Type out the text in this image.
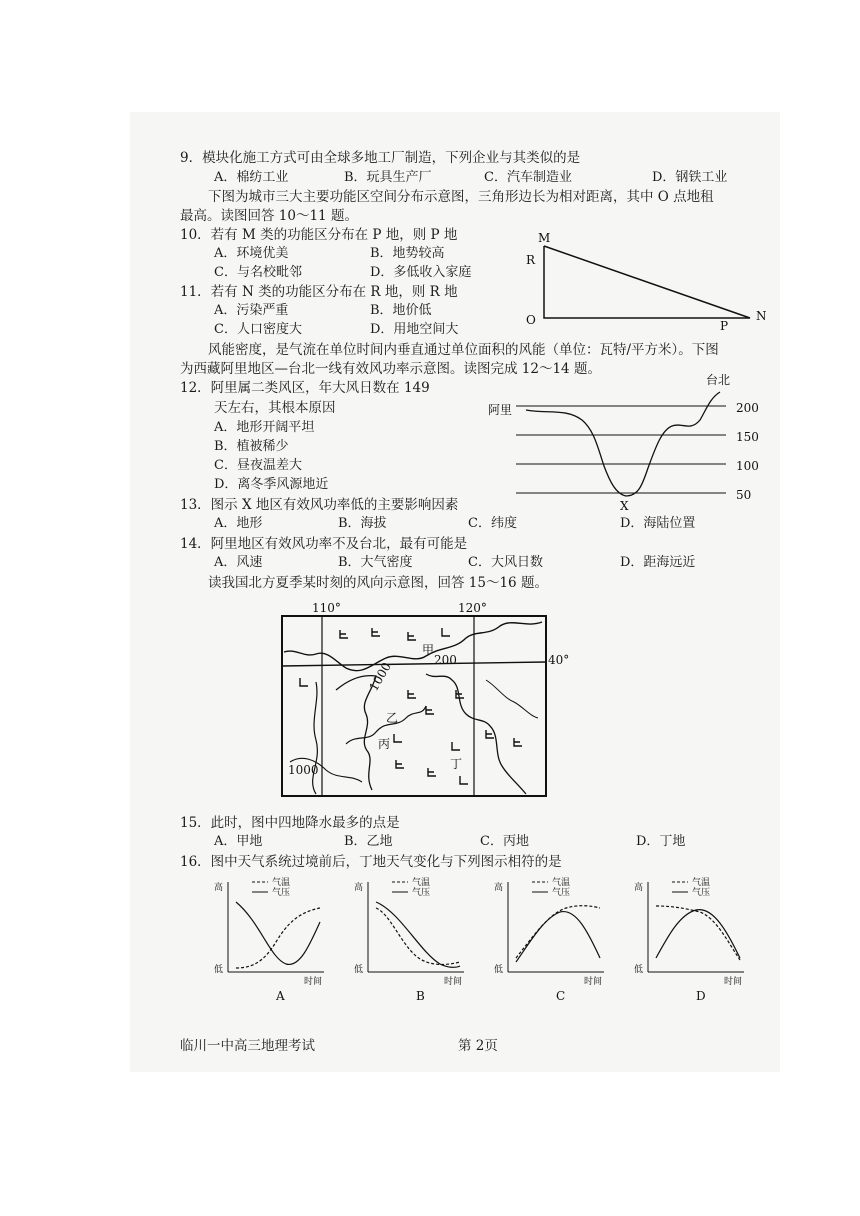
9．模块化施工方式可由全球多地工厂制造，下列企业与其类似的是
A．棉纺工业	B．玩具生产厂	C．汽车制造业	D．钢铁工业
下图为城市三大主要功能区空间分布示意图，三角形边长为相对距离，其中 O 点地租
最高。读图回答 10～11 题。
10．若有 M 类的功能区分布在 P 地，则 P 地
A．环境优美	B．地势较高
C．与名校毗邻	D．多低收入家庭
11．若有 N 类的功能区分布在 R 地，则 R 地
A．污染严重	B．地价低
C．人口密度大	D．用地空间大
M
R
O	P
N
风能密度，是气流在单位时间内垂直通过单位面积的风能（单位：瓦特/平方米）。下图
为西藏阿里地区—台北一线有效风功率示意图。读图完成 12～14 题。
12．阿里属二类风区，年大风日数在 149
天左右，其根本原因
A．地形开阔平坦
B．植被稀少
C．昼夜温差大
D．离冬季风源地近
阿里
台北
X
200
150
100
50
13．图示 X 地区有效风功率低的主要影响因素
A．地形	B．海拔	C．纬度	D．海陆位置
14．阿里地区有效风功率不及台北，最有可能是
A．风速	B．大气密度	C．大风日数	D．距海远近
读我国北方夏季某时刻的风向示意图，回答 15～16 题。
110°	120°
40°
200
1000
1000
甲
乙
丙
丁
15．此时，图中四地降水最多的点是
A．甲地	B．乙地	C．丙地	D．丁地
16．图中天气系统过境前后，丁地天气变化与下列图示相符的是
气温
气压
高
低
时间
A
气温
气压
高
低
时间
B
气温
气压
高
低
时间
C
气温
气压
高
低
时间
D
临川一中高三地理考试	第 2页
